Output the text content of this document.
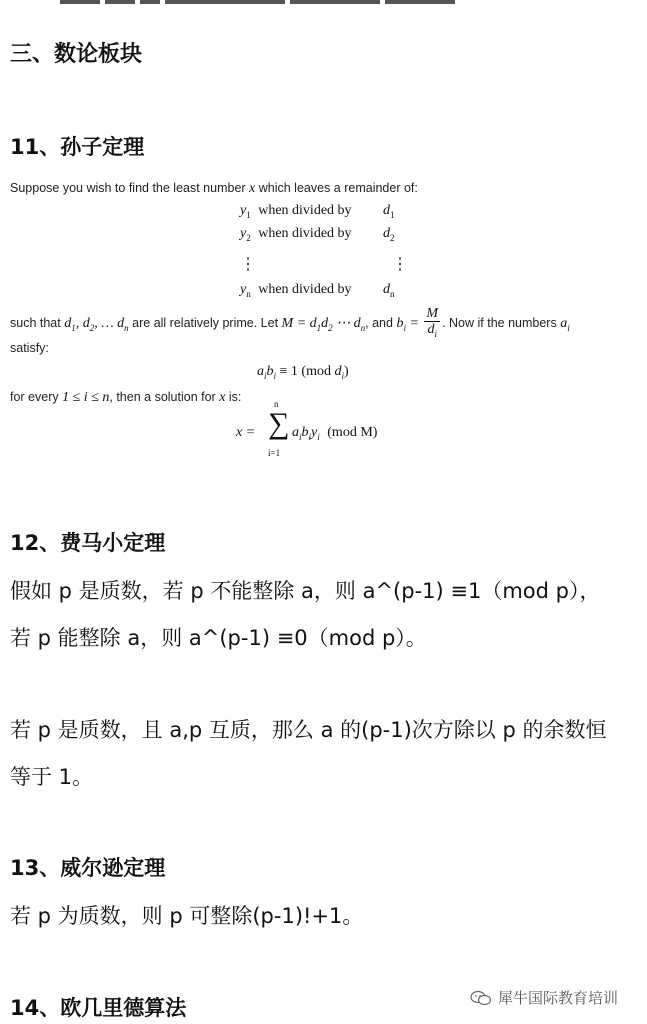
三、数论板块
11、孙子定理
Suppose you wish to find the least number x which leaves a remainder of:
$y_1$ when divided by $d_1$
$y_2$ when divided by $d_2$
⋮	⋮
$y_n$ when divided by $d_n$
such that $d_1$, $d_2$, … $d_n$ are all relatively prime. Let $M = d_1d_2$ ⋯ $d_n$, and $b_i = \frac{M}{d_i}$ . Now if the numbers $a_i$
satisfy:
$a_ib_i \equiv 1$ (mod $d_i$)
for every 1 ≤ i ≤ n, then a solution for x is:
x = ∑
n
i=1
$a_ib_iy_i$ (mod M)
12、费马小定理
假如 p 是质数，若 p 不能整除 a，则 a^(p-1) ≡1（mod p），
若 p 能整除 a，则 a^(p-1) ≡0（mod p）。
若 p 是质数，且 a,p 互质，那么 a 的(p-1)次方除以 p 的余数恒
等于 1。
13、威尔逊定理
若 p 为质数，则 p 可整除(p-1)!+1。
14、欧几里德算法	犀牛国际教育培训
